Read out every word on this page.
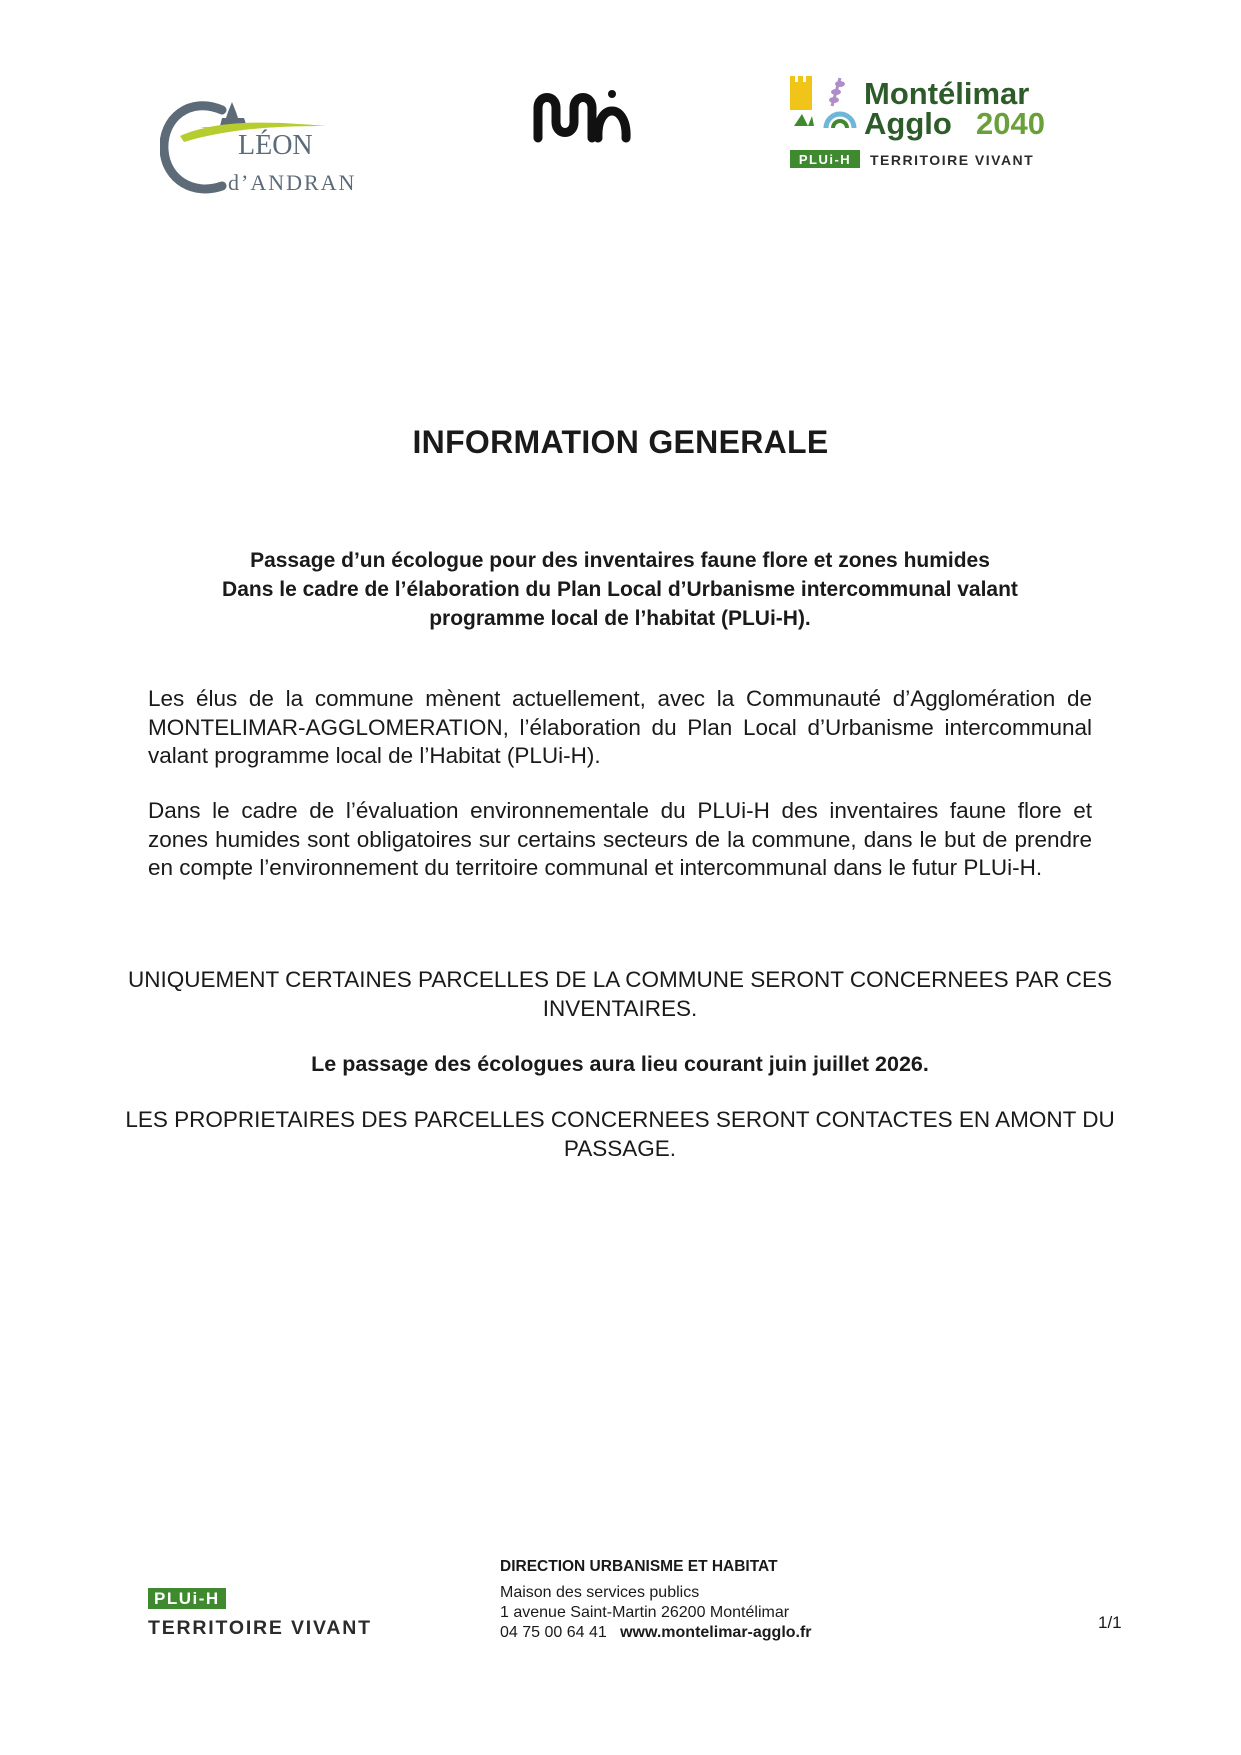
LÉON
d’ANDRAN
Montélimar
Agglo 2040
PLUi-H TERRITOIRE VIVANT
INFORMATION GENERALE
Passage d’un écologue pour des inventaires faune flore et zones humides
Dans le cadre de l’élaboration du Plan Local d’Urbanisme intercommunal valant
programme local de l’habitat (PLUi-H).
Les élus de la commune mènent actuellement, avec la Communauté d’Agglomération de MONTELIMAR-AGGLOMERATION, l’élaboration du Plan Local d’Urbanisme intercommunal valant programme local de l’Habitat (PLUi-H).
Dans le cadre de l’évaluation environnementale du PLUi-H des inventaires faune flore et zones humides sont obligatoires sur certains secteurs de la commune, dans le but de prendre en compte l’environnement du territoire communal et intercommunal dans le futur PLUi-H.
UNIQUEMENT CERTAINES PARCELLES DE LA COMMUNE SERONT CONCERNEES PAR CES INVENTAIRES.
Le passage des écologues aura lieu courant juin juillet 2026.
LES PROPRIETAIRES DES PARCELLES CONCERNEES SERONT CONTACTES EN AMONT DU PASSAGE.
PLUi-H
TERRITOIRE VIVANT
DIRECTION URBANISME ET HABITAT
Maison des services publics
1 avenue Saint-Martin 26200 Montélimar
04 75 00 64 41 www.montelimar-agglo.fr
1/1
